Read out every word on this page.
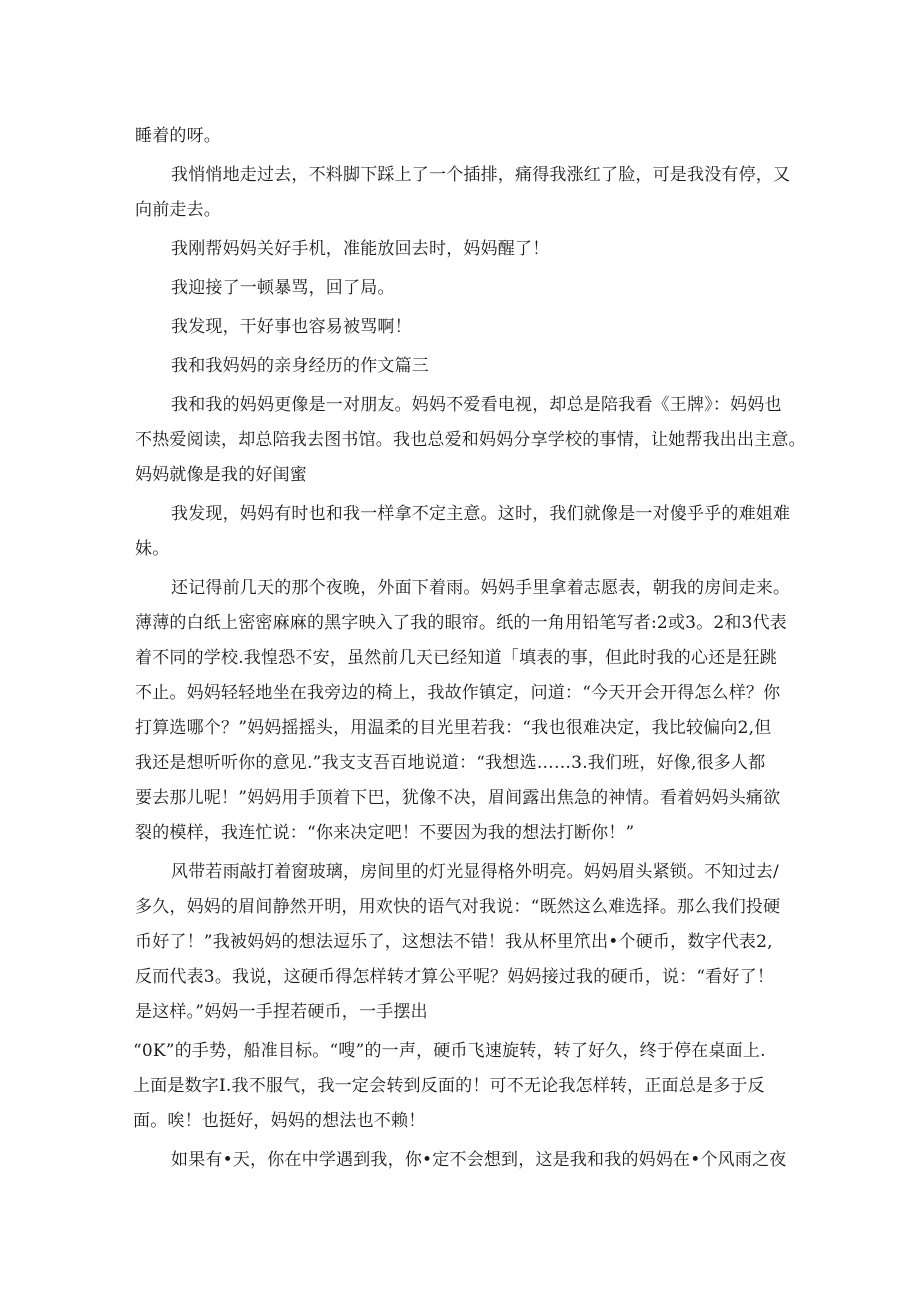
睡着的呀。
我悄悄地走过去，不料脚下踩上了一个插排，痛得我涨红了脸，可是我没有停，又
向前走去。
我刚帮妈妈关好手机，准能放回去时，妈妈醒了！
我迎接了一顿暴骂，回了局。
我发现，干好事也容易被骂啊！
我和我妈妈的亲身经历的作文篇三
我和我的妈妈更像是一对朋友。妈妈不爱看电视，却总是陪我看《王牌》：妈妈也
不热爱阅读，却总陪我去图书馆。我也总爱和妈妈分享学校的事情，让她帮我出出主意。
妈妈就像是我的好闺蜜
我发现，妈妈有时也和我一样拿不定主意。这时，我们就像是一对傻乎乎的难姐难
妹。
还记得前几天的那个夜晚，外面下着雨。妈妈手里拿着志愿表，朝我的房间走来。
薄薄的白纸上密密麻麻的黑字映入了我的眼帘。纸的一角用铅笔写者:2或3。2和3代表
着不同的学校.我惶恐不安，虽然前几天已经知道「填表的事，但此时我的心还是狂跳
不止。妈妈轻轻地坐在我旁边的椅上，我故作镇定，问道：“今天开会开得怎么样？你
打算选哪个？”妈妈摇摇头，用温柔的目光里若我：“我也很难决定，我比较偏向2,但
我还是想听听你的意见.”我支支吾百地说道：“我想选……3.我们班，好像,很多人都
要去那儿呢！”妈妈用手顶着下巴，犹像不决，眉间露出焦急的神情。看着妈妈头痛欲
裂的模样，我连忙说：“你来决定吧！不要因为我的想法打断你！”
风带若雨敲打着窗玻璃，房间里的灯光显得格外明亮。妈妈眉头紧锁。不知过去/
多久，妈妈的眉间静然开明，用欢快的语气对我说：“既然这么难选择。那么我们投硬
币好了！”我被妈妈的想法逗乐了，这想法不错！我从杯里笊出•个硬币，数字代表2,
反而代表3。我说，这硬币得怎样转才算公平呢？妈妈接过我的硬币，说：“看好了！
是这样。”妈妈一手捏若硬币，一手摆出
“0K”的手势，船准目标。“嗖”的一声，硬币飞速旋转，转了好久，终于停在桌面上.
上面是数字I.我不服气，我一定会转到反面的！可不无论我怎样转，正面总是多于反
面。唉！也挺好，妈妈的想法也不赖！
如果有•天，你在中学遇到我，你•定不会想到，这是我和我的妈妈在•个风雨之夜
